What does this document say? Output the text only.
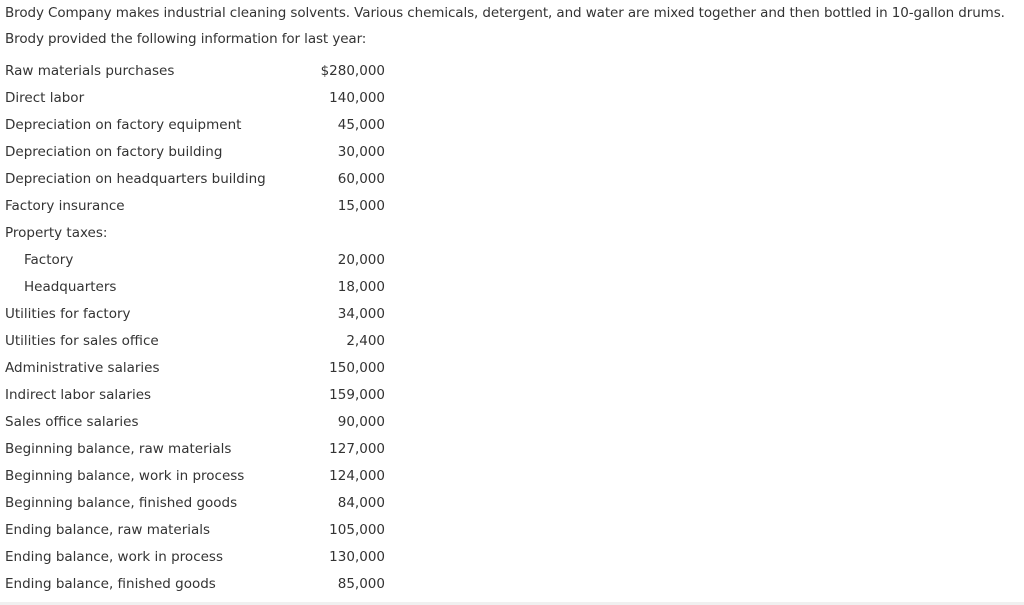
Brody Company makes industrial cleaning solvents. Various chemicals, detergent, and water are mixed together and then bottled in 10-gallon drums.
Brody provided the following information for last year:
Raw materials purchases	$280,000
Direct labor	140,000
Depreciation on factory equipment	45,000
Depreciation on factory building	30,000
Depreciation on headquarters building	60,000
Factory insurance	15,000
Property taxes:
Factory	20,000
Headquarters	18,000
Utilities for factory	34,000
Utilities for sales office	2,400
Administrative salaries	150,000
Indirect labor salaries	159,000
Sales office salaries	90,000
Beginning balance, raw materials	127,000
Beginning balance, work in process	124,000
Beginning balance, finished goods	84,000
Ending balance, raw materials	105,000
Ending balance, work in process	130,000
Ending balance, finished goods	85,000
